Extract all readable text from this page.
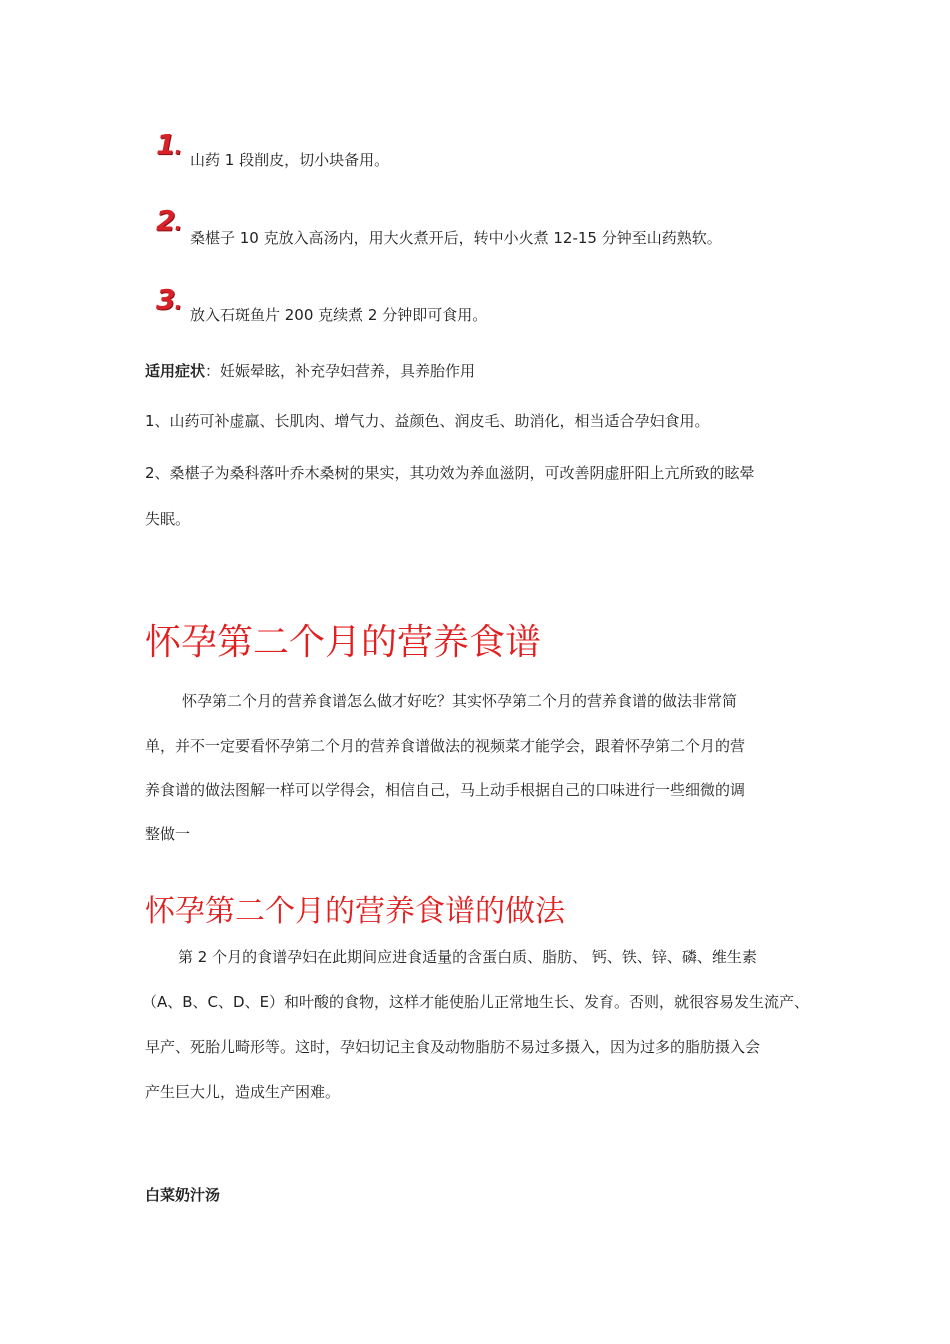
1.
山药 1 段削皮，切小块备用。
2.
桑椹子 10 克放入高汤内，用大火煮开后，转中小火煮 12-15 分钟至山药熟软。
3.
放入石斑鱼片 200 克续煮 2 分钟即可食用。
适用症状：妊娠晕眩，补充孕妇营养，具养胎作用
1、山药可补虚羸、长肌肉、增气力、益颜色、润皮毛、助消化，相当适合孕妇食用。
2、桑椹子为桑科落叶乔木桑树的果实，其功效为养血滋阴，可改善阴虚肝阳上亢所致的眩晕
失眠。
怀孕第二个月的营养食谱
怀孕第二个月的营养食谱怎么做才好吃？其实怀孕第二个月的营养食谱的做法非常简
单，并不一定要看怀孕第二个月的营养食谱做法的视频菜才能学会，跟着怀孕第二个月的营
养食谱的做法图解一样可以学得会，相信自己，马上动手根据自己的口味进行一些细微的调
整做一
怀孕第二个月的营养食谱的做法
第 2 个月的食谱孕妇在此期间应进食适量的含蛋白质、脂肪、 钙、铁、锌、磷、维生素
（A、B、C、D、E）和叶酸的食物，这样才能使胎儿正常地生长、发育。否则，就很容易发生流产、
早产、死胎儿畸形等。这时，孕妇切记主食及动物脂肪不易过多摄入，因为过多的脂肪摄入会
产生巨大儿，造成生产困难。
白菜奶汁汤
